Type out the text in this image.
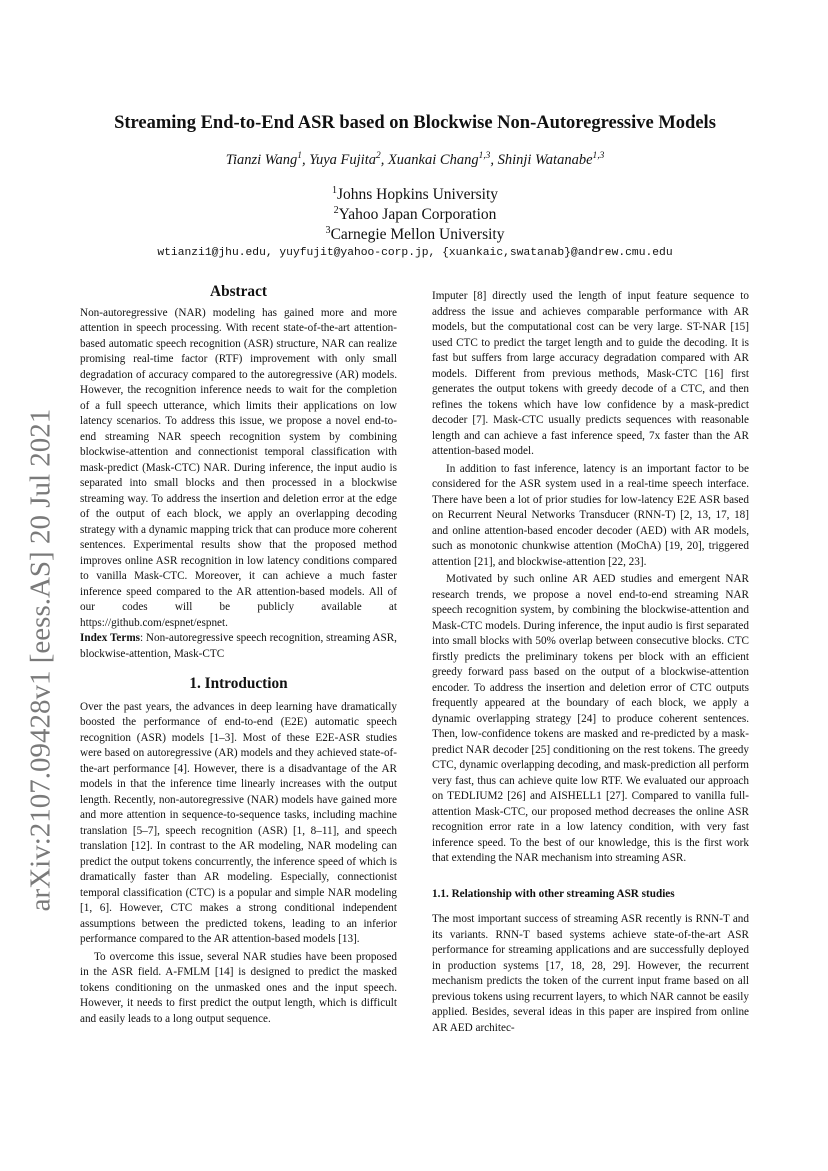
arXiv:2107.09428v1 [eess.AS] 20 Jul 2021
Streaming End-to-End ASR based on Blockwise Non-Autoregressive Models
Tianzi Wang$^1$, Yuya Fujita$^2$, Xuankai Chang$^{1,3}$, Shinji Watanabe$^{1,3}$
$^1$Johns Hopkins University
$^2$Yahoo Japan Corporation
$^3$Carnegie Mellon University
wtianzi1@jhu.edu, yuyfujit@yahoo-corp.jp, {xuankaic,swatanab}@andrew.cmu.edu
Abstract

Non-autoregressive (NAR) modeling has gained more and more attention in speech processing. With recent state-of-the-art attention-based automatic speech recognition (ASR) structure, NAR can realize promising real-time factor (RTF) improvement with only small degradation of accuracy compared to the autoregressive (AR) models. However, the recognition inference needs to wait for the completion of a full speech utterance, which limits their applications on low latency scenarios. To address this issue, we propose a novel end-to-end streaming NAR speech recognition system by combining blockwise-attention and connectionist temporal classification with mask-predict (Mask-CTC) NAR. During inference, the input audio is separated into small blocks and then processed in a blockwise streaming way. To address the insertion and deletion error at the edge of the output of each block, we apply an overlapping decoding strategy with a dynamic mapping trick that can produce more coherent sentences. Experimental results show that the proposed method improves online ASR recognition in low latency conditions compared to vanilla Mask-CTC. Moreover, it can achieve a much faster inference speed compared to the AR attention-based models. All of our codes will be publicly available at https://github.com/espnet/espnet.

Index Terms: Non-autoregressive speech recognition, streaming ASR, blockwise-attention, Mask-CTC

1. Introduction

Over the past years, the advances in deep learning have dramatically boosted the performance of end-to-end (E2E) automatic speech recognition (ASR) models [1–3]. Most of these E2E-ASR studies were based on autoregressive (AR) models and they achieved state-of-the-art performance [4]. However, there is a disadvantage of the AR models in that the inference time linearly increases with the output length. Recently, non-autoregressive (NAR) models have gained more and more attention in sequence-to-sequence tasks, including machine translation [5–7], speech recognition (ASR) [1, 8–11], and speech translation [12]. In contrast to the AR modeling, NAR modeling can predict the output tokens concurrently, the inference speed of which is dramatically faster than AR modeling. Especially, connectionist temporal classification (CTC) is a popular and simple NAR modeling [1, 6]. However, CTC makes a strong conditional independent assumptions between the predicted tokens, leading to an inferior performance compared to the AR attention-based models [13].

To overcome this issue, several NAR studies have been proposed in the ASR field. A-FMLM [14] is designed to predict the masked tokens conditioning on the unmasked ones and the input speech. However, it needs to first predict the output length, which is difficult and easily leads to a long output sequence.

Imputer [8] directly used the length of input feature sequence to address the issue and achieves comparable performance with AR models, but the computational cost can be very large. ST-NAR [15] used CTC to predict the target length and to guide the decoding. It is fast but suffers from large accuracy degradation compared with AR models. Different from previous methods, Mask-CTC [16] first generates the output tokens with greedy decode of a CTC, and then refines the tokens which have low confidence by a mask-predict decoder [7]. Mask-CTC usually predicts sequences with reasonable length and can achieve a fast inference speed, 7x faster than the AR attention-based model.

In addition to fast inference, latency is an important factor to be considered for the ASR system used in a real-time speech interface. There have been a lot of prior studies for low-latency E2E ASR based on Recurrent Neural Networks Transducer (RNN-T) [2, 13, 17, 18] and online attention-based encoder decoder (AED) with AR models, such as monotonic chunkwise attention (MoChA) [19, 20], triggered attention [21], and blockwise-attention [22, 23].

Motivated by such online AR AED studies and emergent NAR research trends, we propose a novel end-to-end streaming NAR speech recognition system, by combining the blockwise-attention and Mask-CTC models. During inference, the input audio is first separated into small blocks with 50% overlap between consecutive blocks. CTC firstly predicts the preliminary tokens per block with an efficient greedy forward pass based on the output of a blockwise-attention encoder. To address the insertion and deletion error of CTC outputs frequently appeared at the boundary of each block, we apply a dynamic overlapping strategy [24] to produce coherent sentences. Then, low-confidence tokens are masked and re-predicted by a mask-predict NAR decoder [25] conditioning on the rest tokens. The greedy CTC, dynamic overlapping decoding, and mask-prediction all perform very fast, thus can achieve quite low RTF. We evaluated our approach on TEDLIUM2 [26] and AISHELL1 [27]. Compared to vanilla full-attention Mask-CTC, our proposed method decreases the online ASR recognition error rate in a low latency condition, with very fast inference speed. To the best of our knowledge, this is the first work that extending the NAR mechanism into streaming ASR.

1.1. Relationship with other streaming ASR studies

The most important success of streaming ASR recently is RNN-T and its variants. RNN-T based systems achieve state-of-the-art ASR performance for streaming applications and are successfully deployed in production systems [17, 18, 28, 29]. However, the recurrent mechanism predicts the token of the current input frame based on all previous tokens using recurrent layers, to which NAR cannot be easily applied. Besides, several ideas in this paper are inspired from online AR AED architec-
